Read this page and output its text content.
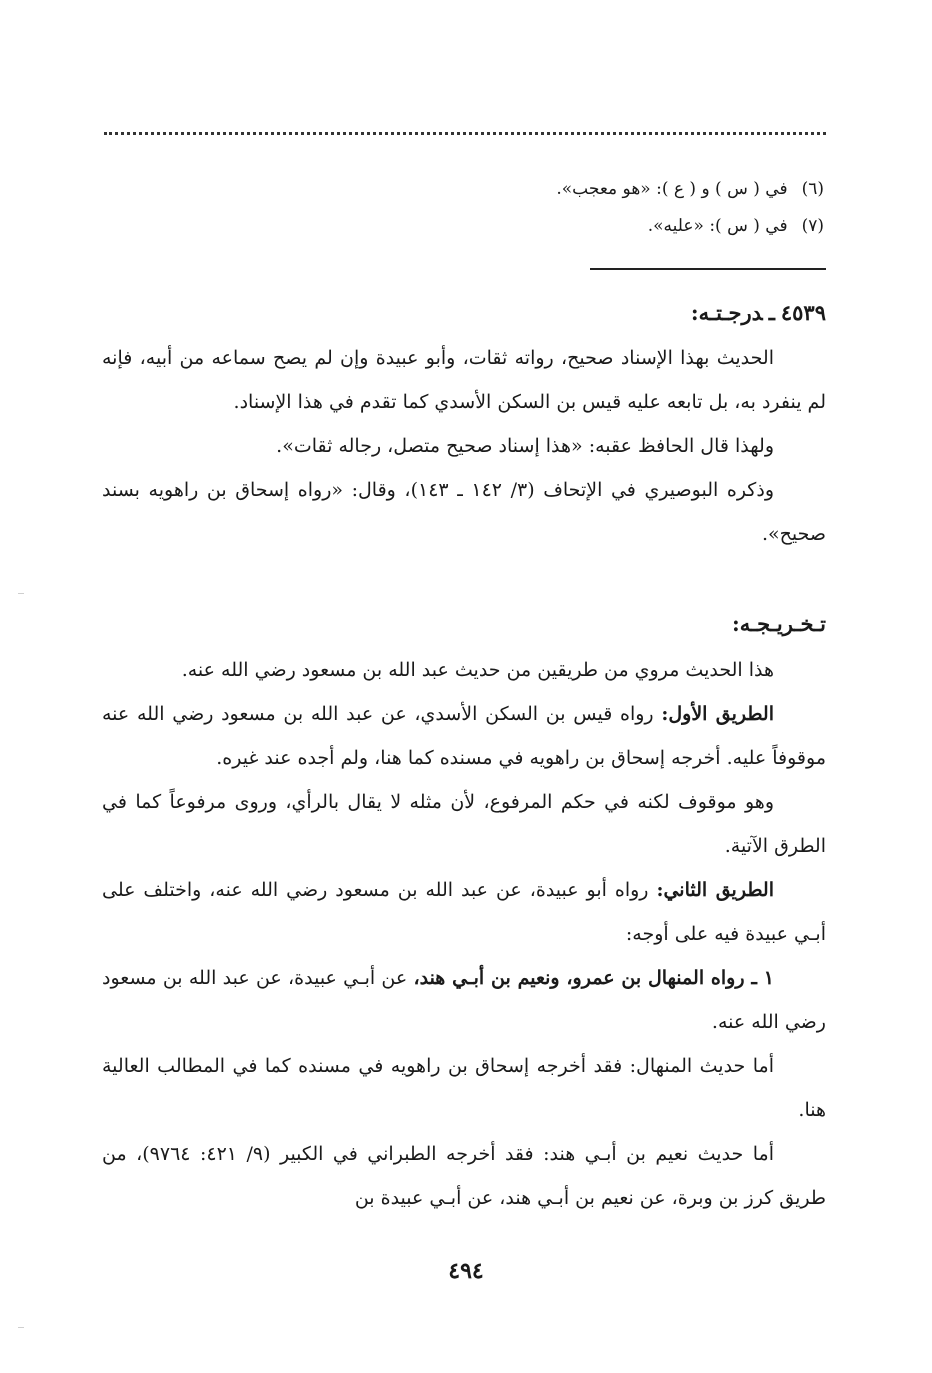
(٦)في ( س ) و ( ع ): «هو معجب».
(٧)في ( س ): «عليه».
٤٥٣٩ـدرجـتـه:

الحديث بهذا الإسناد صحيح، رواته ثقات، وأبو عبيدة وإن لم يصح سماعه من أبيه، فإنه لم ينفرد به، بل تابعه عليه قيس بن السكن الأسدي كما تقدم في هذا الإسناد.

ولهذا قال الحافظ عقبه: «هذا إسناد صحيح متصل، رجاله ثقات».

وذكره البوصيري في الإتحاف (٣/ ١٤٢ ـ ١٤٣)، وقال: «رواه إسحاق بن راهويه بسند صحيح».

تـخـريـجـه:

هذا الحديث مروي من طريقين من حديث عبد الله بن مسعود رضي الله عنه.

الطريق الأول: رواه قيس بن السكن الأسدي، عن عبد الله بن مسعود رضي الله عنه موقوفاً عليه. أخرجه إسحاق بن راهويه في مسنده كما هنا، ولم أجده عند غيره.

وهو موقوف لكنه في حكم المرفوع، لأن مثله لا يقال بالرأي، وروى مرفوعاً كما في الطرق الآتية.

الطريق الثاني: رواه أبو عبيدة، عن عبد الله بن مسعود رضي الله عنه، واختلف على أبـي عبيدة فيه على أوجه:

١ ـ رواه المنهال بن عمرو، ونعيم بن أبـي هند، عن أبـي عبيدة، عن عبد الله بن مسعود رضي الله عنه.

أما حديث المنهال: فقد أخرجه إسحاق بن راهويه في مسنده كما في المطالب العالية هنا.

أما حديث نعيم بن أبـي هند: فقد أخرجه الطبراني في الكبير (٩/ ٤٢١: ٩٧٦٤)، من طريق كرز بن وبرة، عن نعيم بن أبـي هند، عن أبـي عبيدة بن

٤٩٤
